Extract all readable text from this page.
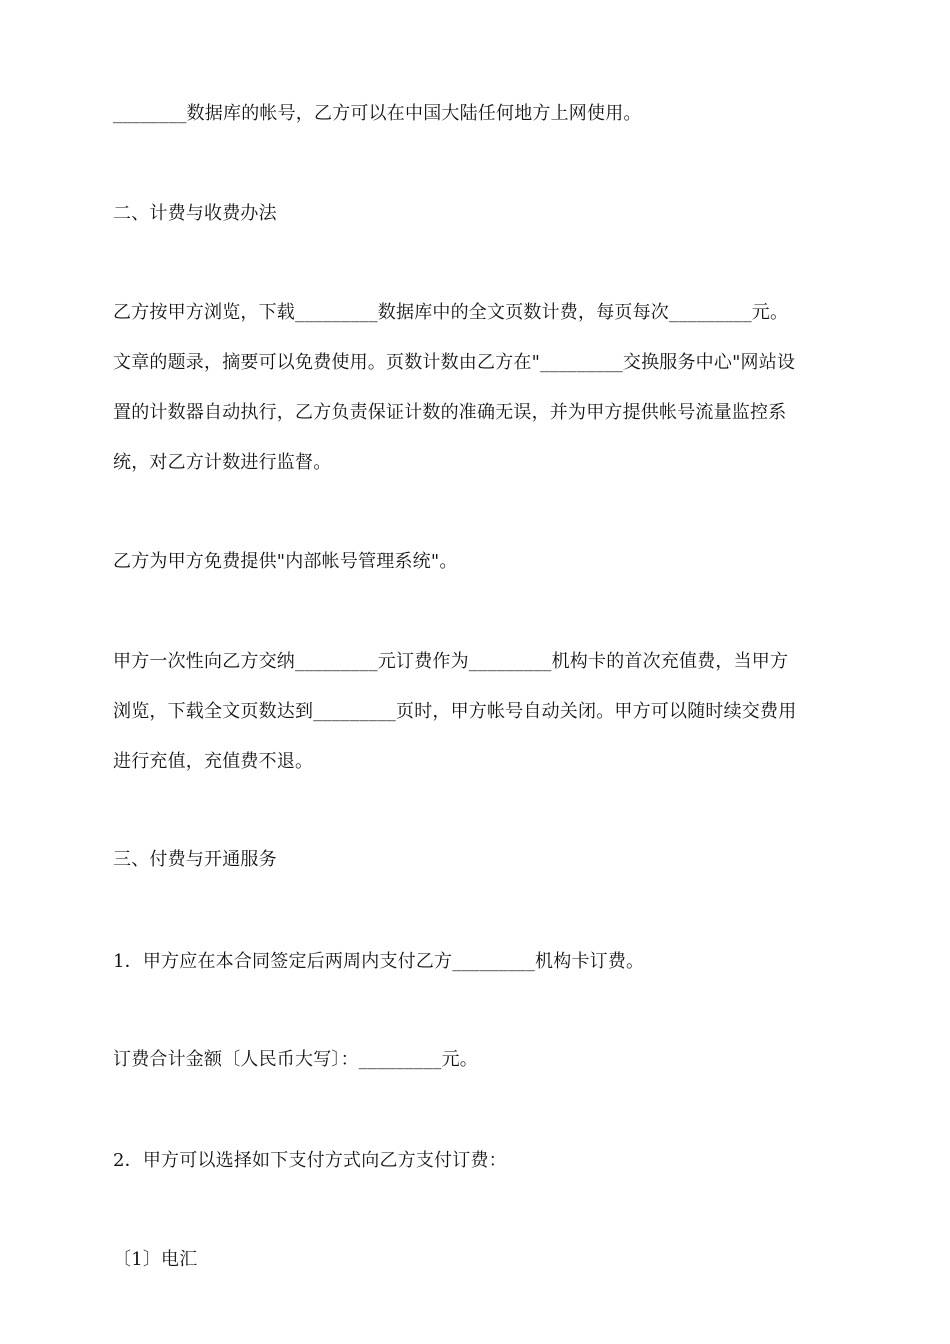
________数据库的帐号，乙方可以在中国大陆任何地方上网使用。
二、计费与收费办法
乙方按甲方浏览，下载_________数据库中的全文页数计费，每页每次_________元。
文章的题录，摘要可以免费使用。页数计数由乙方在"_________交换服务中心"网站设
置的计数器自动执行，乙方负责保证计数的准确无误，并为甲方提供帐号流量监控系
统，对乙方计数进行监督。
乙方为甲方免费提供"内部帐号管理系统"。
甲方一次性向乙方交纳_________元订费作为_________机构卡的首次充值费，当甲方
浏览，下载全文页数达到_________页时，甲方帐号自动关闭。甲方可以随时续交费用
进行充值，充值费不退。
三、付费与开通服务
1．甲方应在本合同签定后两周内支付乙方_________机构卡订费。
订费合计金额〔人民币大写〕：_________元。
2．甲方可以选择如下支付方式向乙方支付订费：
〔1〕电汇
